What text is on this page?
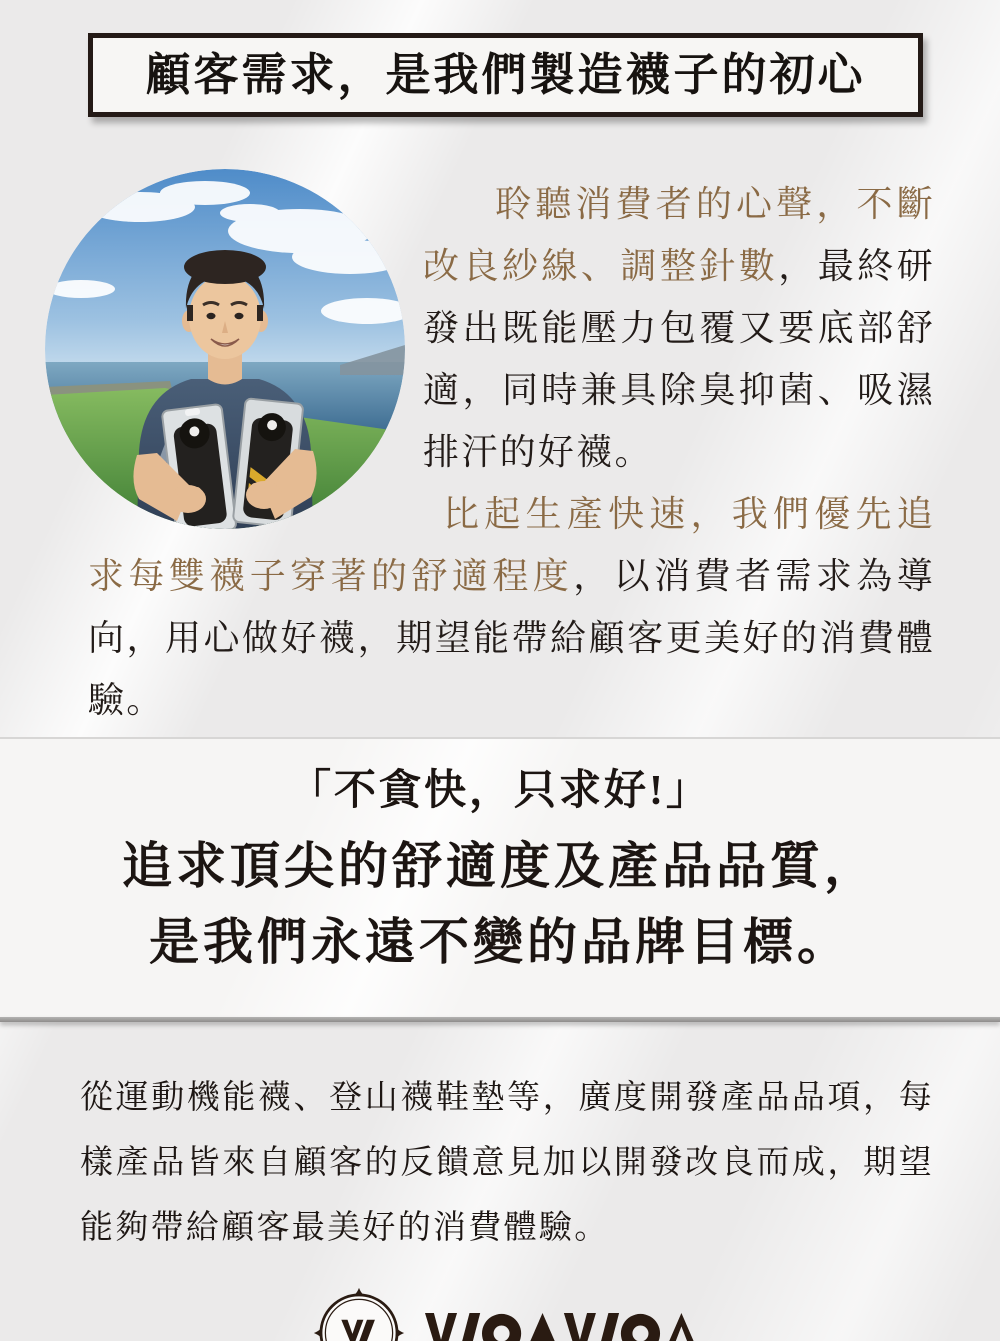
顧客需求，是我們製造襪子的初心

聆聽消費者的心聲，不斷改良紗線、調整針數，最終研發出既能壓力包覆又要底部舒適，同時兼具除臭抑菌、吸濕排汗的好襪。

比起生產快速，我們優先追求每雙襪子穿著的舒適程度，以消費者需求為導向，用心做好襪，期望能帶給顧客更美好的消費體驗。

「不貪快，只求好!」

追求頂尖的舒適度及產品品質，

是我們永遠不變的品牌目標。

從運動機能襪、登山襪鞋墊等，廣度開發產品品項，每樣產品皆來自顧客的反饋意見加以開發改良而成，期望能夠帶給顧客最美好的消費體驗。
